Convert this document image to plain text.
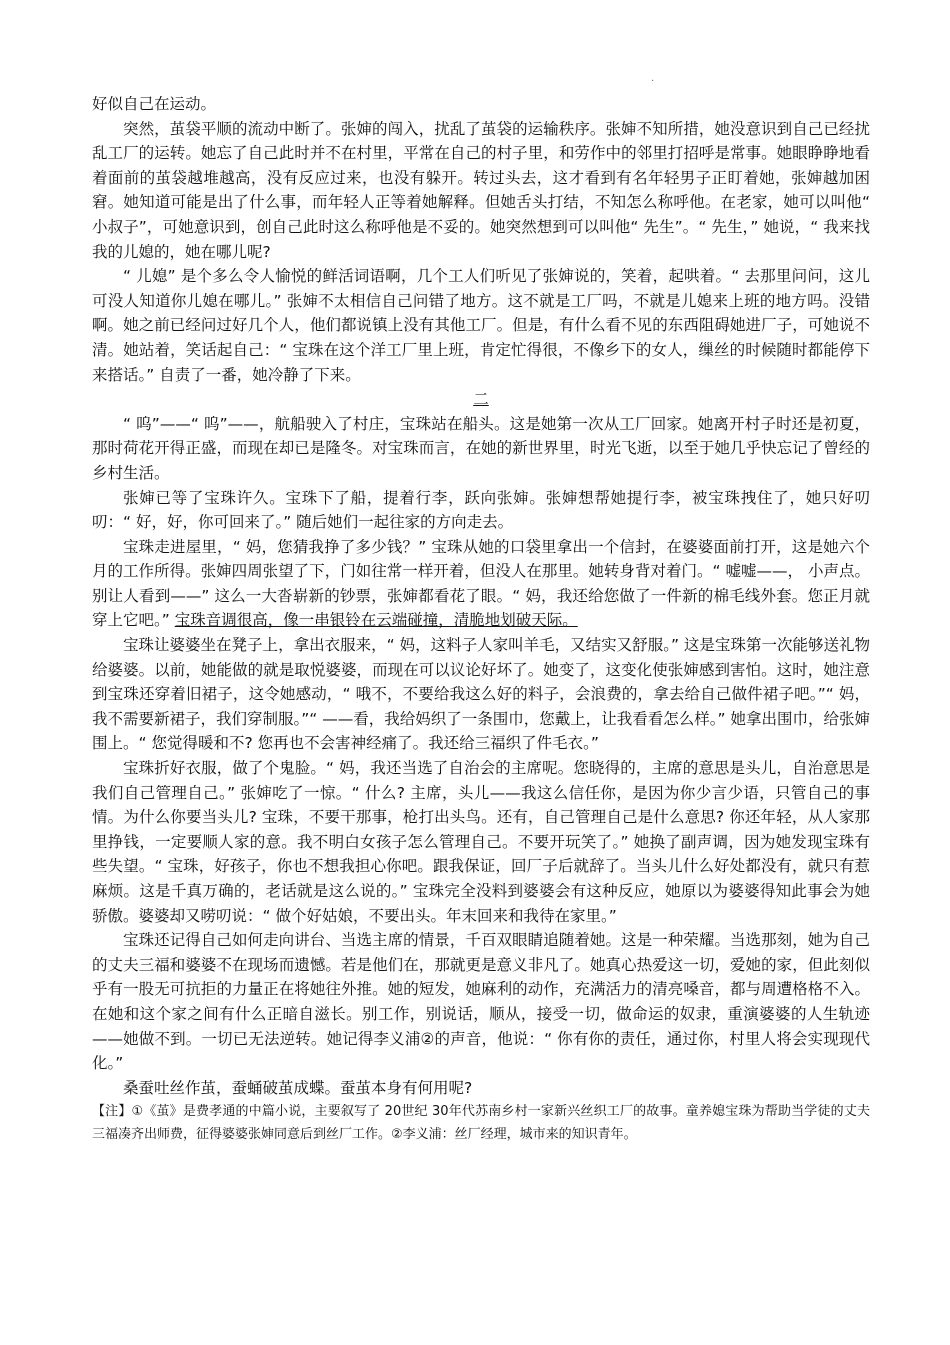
·

好似自己在运动。

突然，茧袋平顺的流动中断了。张婶的闯入，扰乱了茧袋的运输秩序。张婶不知所措，她没意识到自己已经扰乱工厂的运转。她忘了自己此时并不在村里，平常在自己的村子里，和劳作中的邻里打招呼是常事。她眼睁睁地看着面前的茧袋越堆越高，没有反应过来，也没有躲开。转过头去，这才看到有名年轻男子正盯着她，张婶越加困窘。她知道可能是出了什么事，而年轻人正等着她解释。但她舌头打结，不知怎么称呼他。在老家，她可以叫他“ 小叔子”，可她意识到，创自己此时这么称呼他是不妥的。她突然想到可以叫他“ 先生”。“ 先生，” 她说，“ 我来找我的儿媳的，她在哪儿呢?

“ 儿媳” 是个多么令人愉悦的鲜活词语啊，几个工人们听见了张婶说的，笑着，起哄着。“ 去那里问问，这儿可没人知道你儿媳在哪儿。” 张婶不太相信自己问错了地方。这不就是工厂吗，不就是儿媳来上班的地方吗。没错啊。她之前已经问过好几个人，他们都说镇上没有其他工厂。但是，有什么看不见的东西阻碍她进厂子，可她说不清。她站着，笑话起自己：“ 宝珠在这个洋工厂里上班，肯定忙得很，不像乡下的女人，缫丝的时候随时都能停下来搭话。” 自责了一番，她冷静了下来。

二

“ 呜”——“ 呜”——，航船驶入了村庄，宝珠站在船头。这是她第一次从工厂回家。她离开村子时还是初夏，那时荷花开得正盛，而现在却已是隆冬。对宝珠而言，在她的新世界里，时光飞逝，以至于她几乎快忘记了曾经的乡村生活。

张婶已等了宝珠许久。宝珠下了船，提着行李，跃向张婶。张婶想帮她提行李，被宝珠拽住了，她只好叨叨：“ 好，好，你可回来了。” 随后她们一起往家的方向走去。

宝珠走进屋里，“ 妈，您猜我挣了多少钱？” 宝珠从她的口袋里拿出一个信封，在婆婆面前打开，这是她六个月的工作所得。张婶四周张望了下，门如往常一样开着，但没人在那里。她转身背对着门。“ 嘘嘘——， 小声点。别让人看到——” 这么一大沓崭新的钞票，张婶都看花了眼。“ 妈，我还给您做了一件新的棉毛线外套。您正月就穿上它吧。” 宝珠音调很高，像一串银铃在云端碰撞，清脆地划破天际。

宝珠让婆婆坐在凳子上，拿出衣服来，“ 妈，这料子人家叫羊毛，又结实又舒服。” 这是宝珠第一次能够送礼物给婆婆。以前，她能做的就是取悦婆婆，而现在可以议论好坏了。她变了，这变化使张婶感到害怕。这时，她注意到宝珠还穿着旧裙子，这令她感动，“ 哦不，不要给我这么好的料子，会浪费的，拿去给自己做件裙子吧。”“ 妈，我不需要新裙子，我们穿制服。”“ ——看，我给妈织了一条围巾，您戴上，让我看看怎么样。” 她拿出围巾，给张婶围上。“ 您觉得暖和不? 您再也不会害神经痛了。我还给三福织了件毛衣。”

宝珠折好衣服，做了个鬼脸。“ 妈，我还当选了自治会的主席呢。您晓得的，主席的意思是头儿，自治意思是我们自己管理自己。” 张婶吃了一惊。“ 什么? 主席，头儿——我这么信任你，是因为你少言少语，只管自己的事情。为什么你要当头儿? 宝珠，不要干那事，枪打出头鸟。还有，自己管理自己是什么意思? 你还年轻，从人家那里挣钱，一定要顺人家的意。我不明白女孩子怎么管理自己。不要开玩笑了。” 她换了副声调，因为她发现宝珠有些失望。“ 宝珠，好孩子，你也不想我担心你吧。跟我保证，回厂子后就辞了。当头儿什么好处都没有，就只有惹麻烦。这是千真万确的，老话就是这么说的。” 宝珠完全没料到婆婆会有这种反应，她原以为婆婆得知此事会为她骄傲。婆婆却又唠叨说：“ 做个好姑娘，不要出头。年末回来和我待在家里。”

宝珠还记得自己如何走向讲台、当选主席的情景，千百双眼睛追随着她。这是一种荣耀。当选那刻，她为自己的丈夫三福和婆婆不在现场而遗憾。若是他们在，那就更是意义非凡了。她真心热爱这一切，爱她的家，但此刻似乎有一股无可抗拒的力量正在将她往外推。她的短发，她麻利的动作，充满活力的清亮嗓音，都与周遭格格不入。在她和这个家之间有什么正暗自滋长。别工作，别说话，顺从，接受一切，做命运的奴隶，重演婆婆的人生轨迹——她做不到。一切已无法逆转。她记得李义浦②的声音，他说：“ 你有你的责任，通过你，村里人将会实现现代化。”

桑蚕吐丝作茧，蚕蛹破茧成蝶。蚕茧本身有何用呢?

【注】①《茧》是费孝通的中篇小说，主要叙写了 20世纪 30年代苏南乡村一家新兴丝织工厂的故事。童养媳宝珠为帮助当学徒的丈夫三福凑齐出师费，征得婆婆张婶同意后到丝厂工作。②李义浦：丝厂经理，城市来的知识青年。
